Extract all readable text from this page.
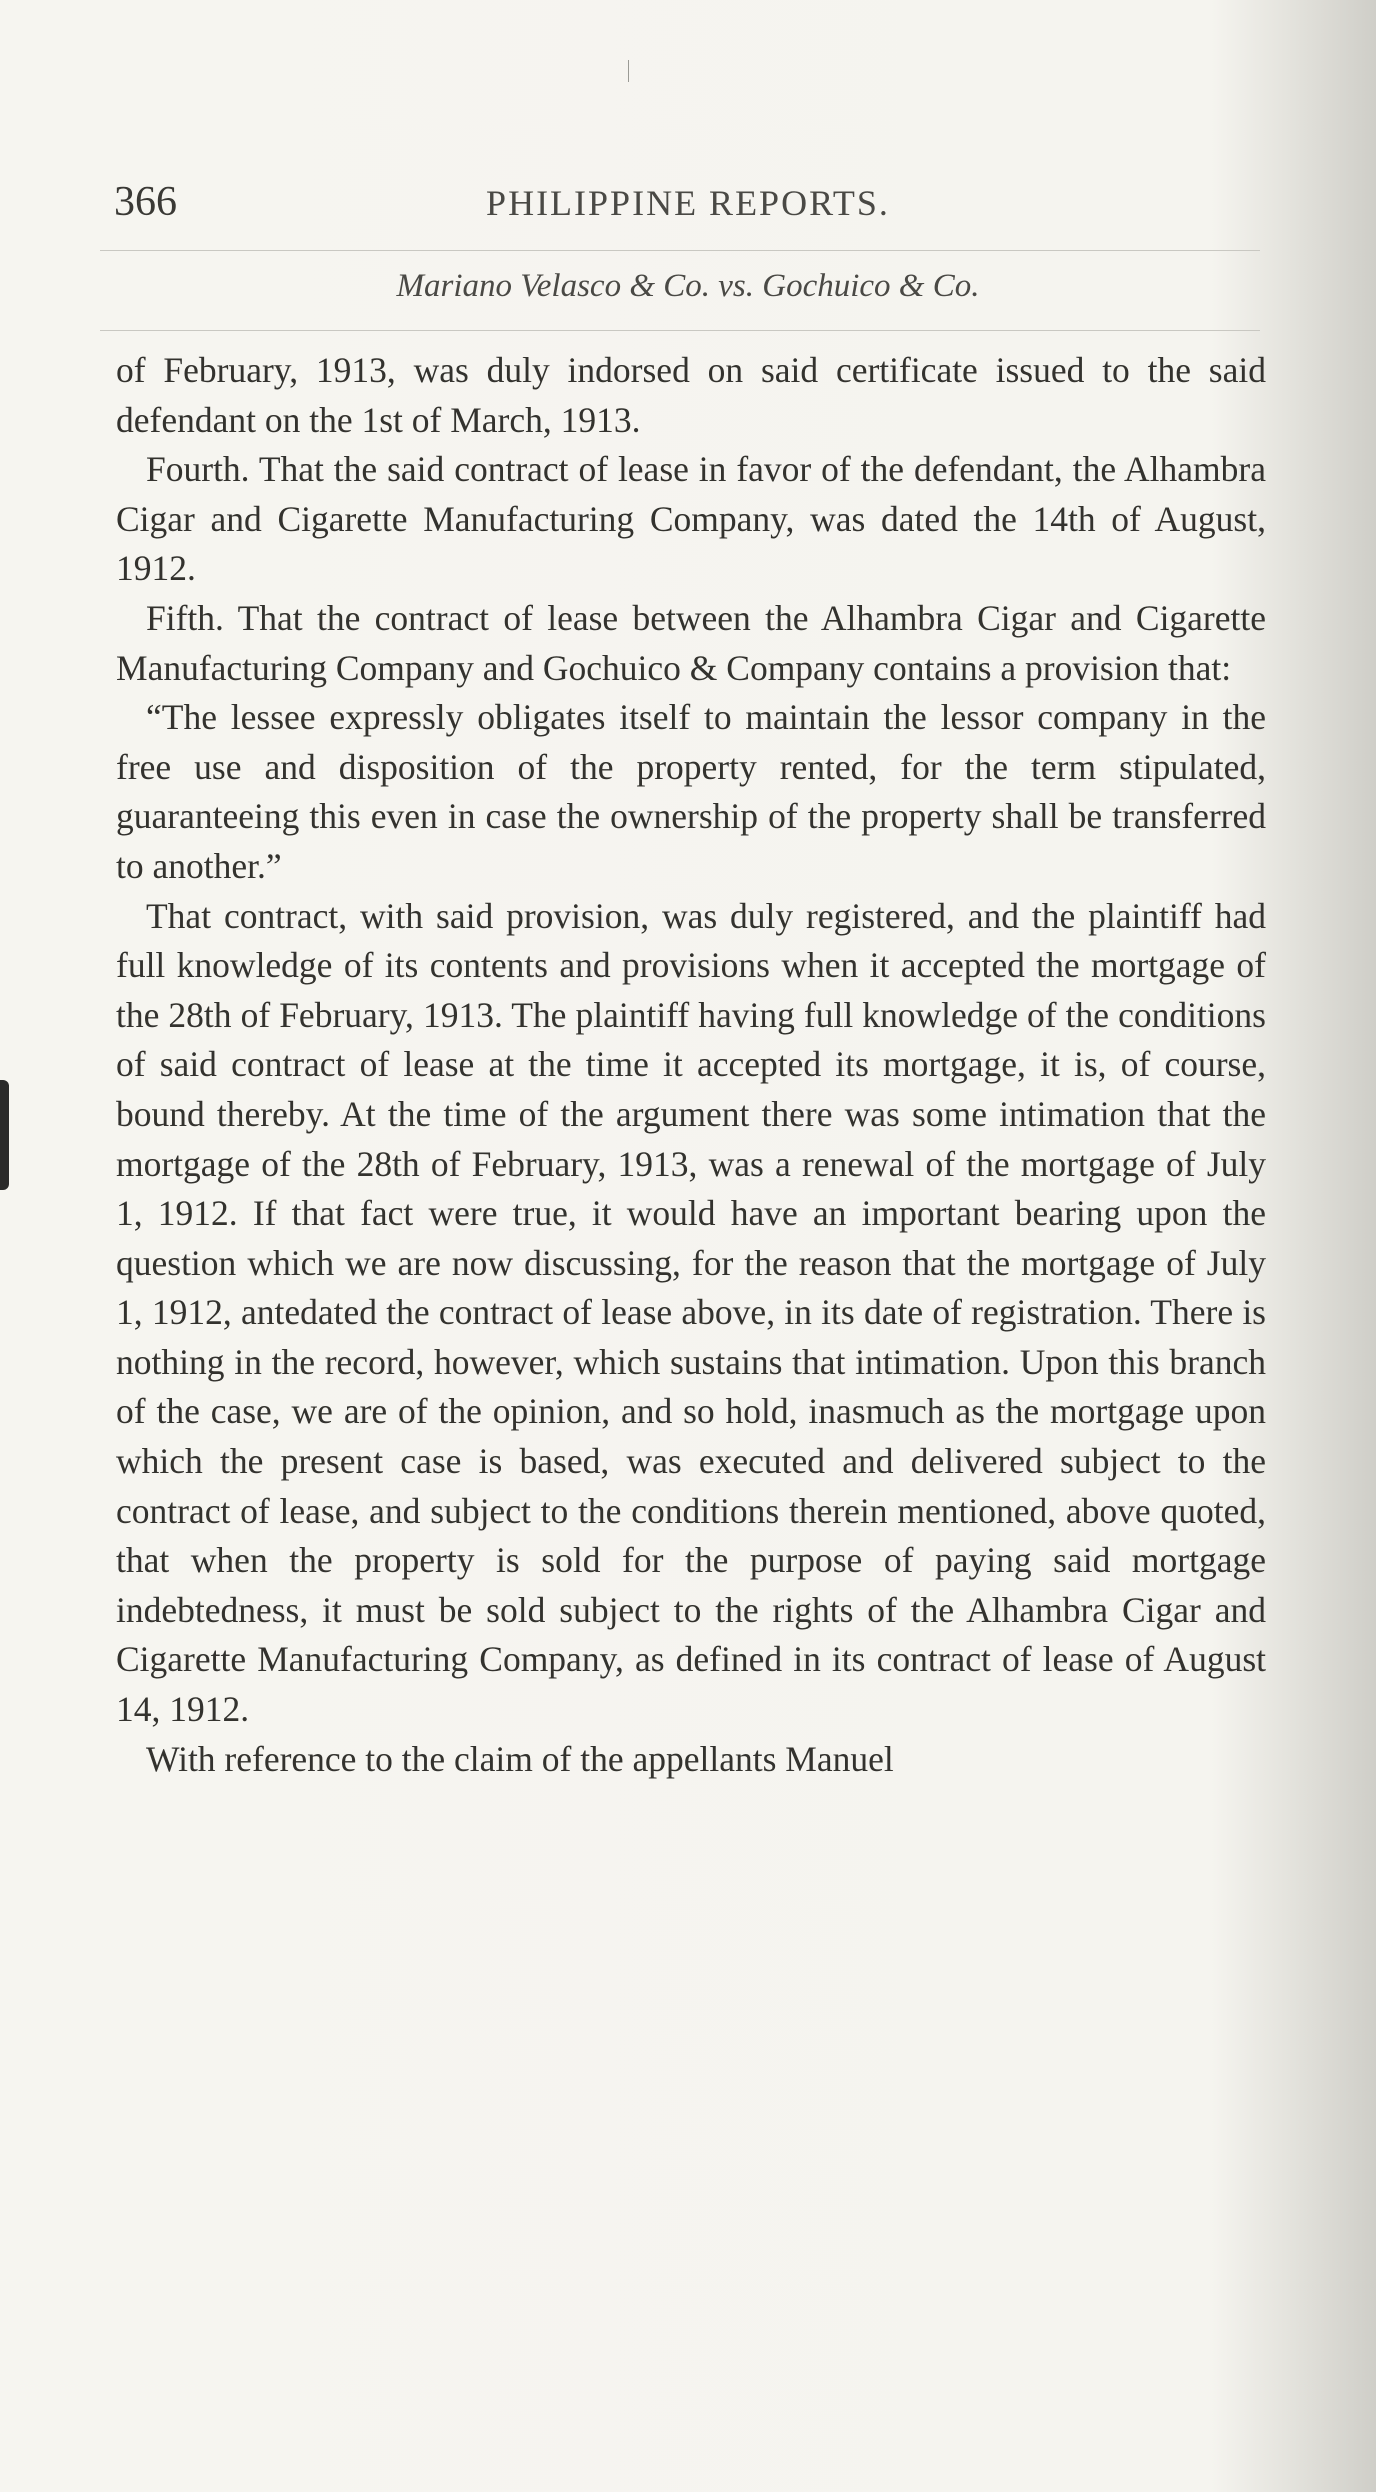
366	PHILIPPINE REPORTS.
Mariano Velasco & Co. vs. Gochuico & Co.

of February, 1913, was duly indorsed on said certificate issued to the said defendant on the 1st of March, 1913.

Fourth. That the said contract of lease in favor of the defendant, the Alhambra Cigar and Cigarette Manufacturing Company, was dated the 14th of August, 1912.

Fifth. That the contract of lease between the Alhambra Cigar and Cigarette Manufacturing Company and Gochuico & Company contains a provision that:

“The lessee expressly obligates itself to maintain the lessor company in the free use and disposition of the property rented, for the term stipulated, guaranteeing this even in case the ownership of the property shall be transferred to another.”

That contract, with said provision, was duly registered, and the plaintiff had full knowledge of its contents and provisions when it accepted the mortgage of the 28th of February, 1913. The plaintiff having full knowledge of the conditions of said contract of lease at the time it accepted its mortgage, it is, of course, bound thereby. At the time of the argument there was some intimation that the mortgage of the 28th of February, 1913, was a renewal of the mortgage of July 1, 1912. If that fact were true, it would have an important bearing upon the question which we are now discussing, for the reason that the mortgage of July 1, 1912, antedated the contract of lease above, in its date of registration. There is nothing in the record, however, which sustains that intimation. Upon this branch of the case, we are of the opinion, and so hold, inasmuch as the mortgage upon which the present case is based, was executed and delivered subject to the contract of lease, and subject to the conditions therein mentioned, above quoted, that when the property is sold for the purpose of paying said mortgage indebtedness, it must be sold subject to the rights of the Alhambra Cigar and Cigarette Manufacturing Company, as defined in its contract of lease of August 14, 1912.

With reference to the claim of the appellants Manuel
